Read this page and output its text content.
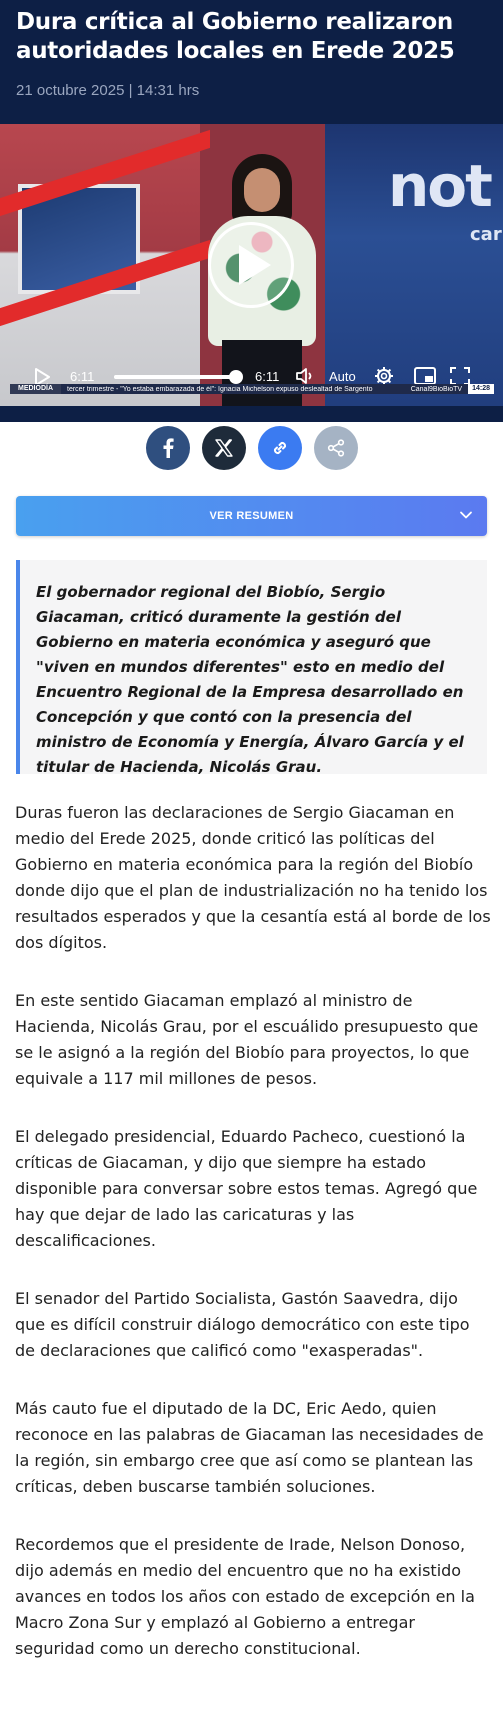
Dura crítica al Gobierno realizaron autoridades locales en Erede 2025
21 octubre 2025 | 14:31 hrs
not
car
6:11	6:11	Auto
MEDIODÍA	tercer trimestre - "Yo estaba embarazada de él": Ignacia Michelson expuso deslealtad de Sargento	Canal9BioBioTV	14:28
VER RESUMEN

El gobernador regional del Biobío, Sergio Giacaman, criticó duramente la gestión del Gobierno en materia económica y aseguró que "viven en mundos diferentes" esto en medio del Encuentro Regional de la Empresa desarrollado en Concepción y que contó con la presencia del ministro de Economía y Energía, Álvaro García y el titular de Hacienda, Nicolás Grau.

Duras fueron las declaraciones de Sergio Giacaman en medio del Erede 2025, donde criticó las políticas del Gobierno en materia económica para la región del Biobío donde dijo que el plan de industrialización no ha tenido los resultados esperados y que la cesantía está al borde de los dos dígitos.

En este sentido Giacaman emplazó al ministro de Hacienda, Nicolás Grau, por el escuálido presupuesto que se le asignó a la región del Biobío para proyectos, lo que equivale a 117 mil millones de pesos.

El delegado presidencial, Eduardo Pacheco, cuestionó la críticas de Giacaman, y dijo que siempre ha estado disponible para conversar sobre estos temas. Agregó que hay que dejar de lado las caricaturas y las descalificaciones.

El senador del Partido Socialista, Gastón Saavedra, dijo que es difícil construir diálogo democrático con este tipo de declaraciones que calificó como "exasperadas".

Más cauto fue el diputado de la DC, Eric Aedo, quien reconoce en las palabras de Giacaman las necesidades de la región, sin embargo cree que así como se plantean las críticas, deben buscarse también soluciones.

Recordemos que el presidente de Irade, Nelson Donoso, dijo además en medio del encuentro que no ha existido avances en todos los años con estado de excepción en la Macro Zona Sur y emplazó al Gobierno a entregar seguridad como un derecho constitucional.
